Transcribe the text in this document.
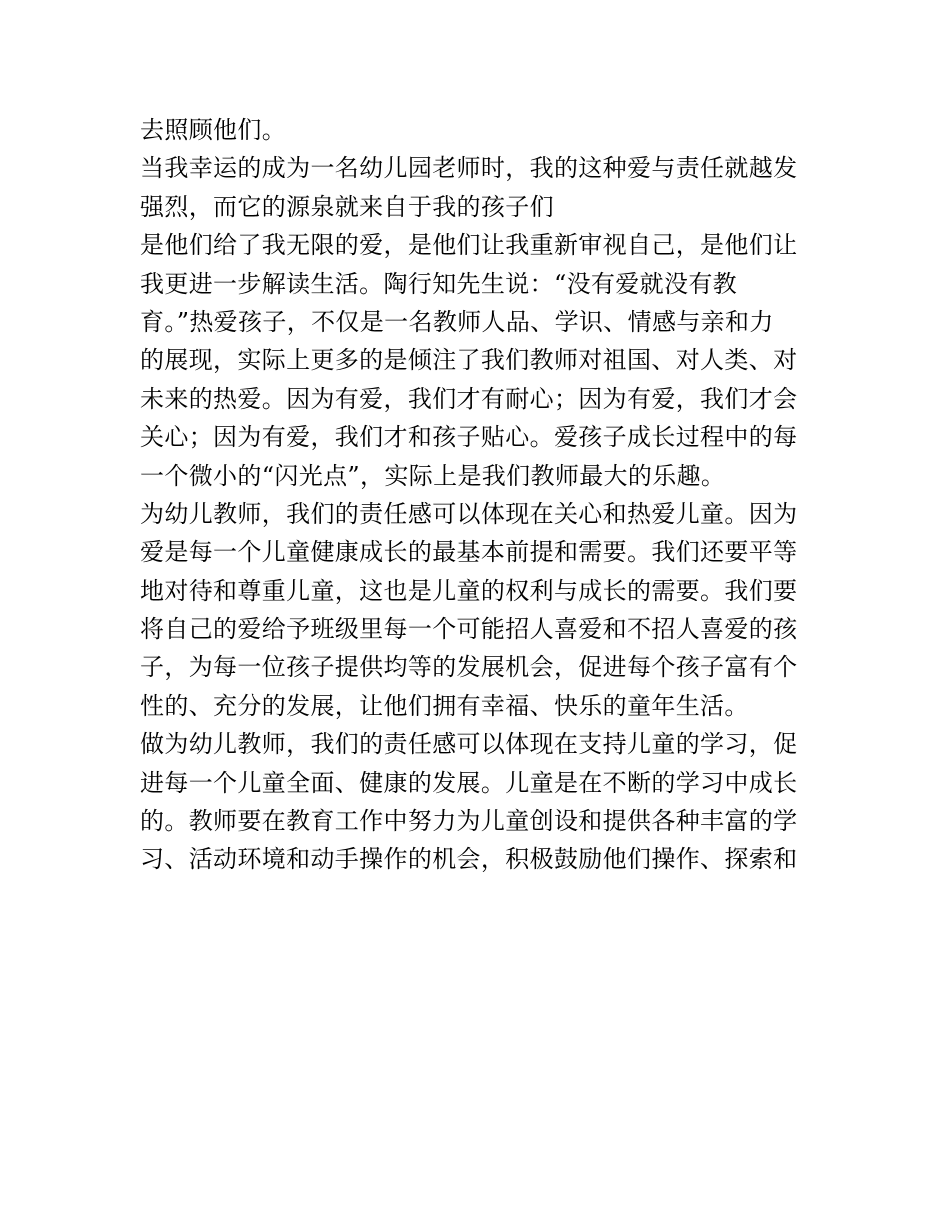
去照顾他们。
当我幸运的成为一名幼儿园老师时，我的这种爱与责任就越发
强烈，而它的源泉就来自于我的孩子们
是他们给了我无限的爱，是他们让我重新审视自己，是他们让
我更进一步解读生活。陶行知先生说：“没有爱就没有教
育。”热爱孩子，不仅是一名教师人品、学识、情感与亲和力
的展现，实际上更多的是倾注了我们教师对祖国、对人类、对
未来的热爱。因为有爱，我们才有耐心；因为有爱，我们才会
关心；因为有爱，我们才和孩子贴心。爱孩子成长过程中的每
一个微小的“闪光点”，实际上是我们教师最大的乐趣。
为幼儿教师，我们的责任感可以体现在关心和热爱儿童。因为
爱是每一个儿童健康成长的最基本前提和需要。我们还要平等
地对待和尊重儿童，这也是儿童的权利与成长的需要。我们要
将自己的爱给予班级里每一个可能招人喜爱和不招人喜爱的孩
子，为每一位孩子提供均等的发展机会，促进每个孩子富有个
性的、充分的发展，让他们拥有幸福、快乐的童年生活。
做为幼儿教师，我们的责任感可以体现在支持儿童的学习，促
进每一个儿童全面、健康的发展。儿童是在不断的学习中成长
的。教师要在教育工作中努力为儿童创设和提供各种丰富的学
习、活动环境和动手操作的机会，积极鼓励他们操作、探索和
